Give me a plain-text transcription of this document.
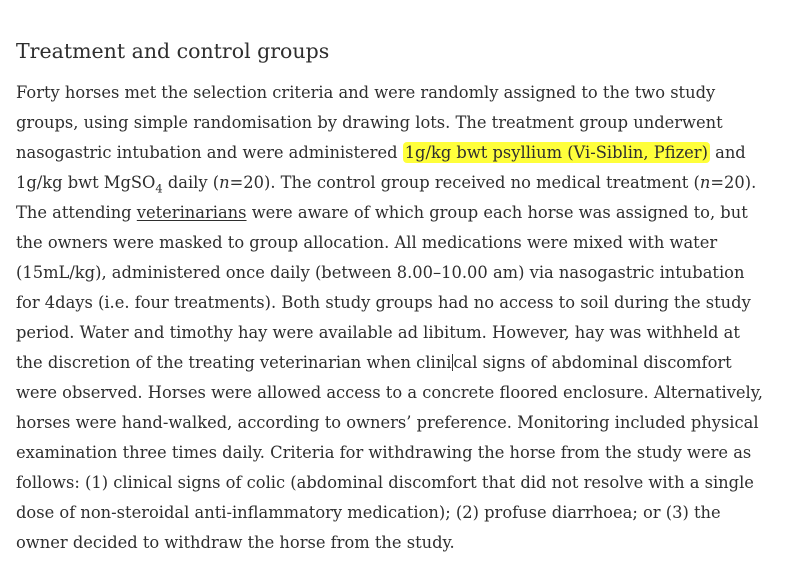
Treatment and control groups

Forty horses met the selection criteria and were randomly assigned to the two study
groups, using simple randomisation by drawing lots. The treatment group underwent
nasogastric intubation and were administered 1g/kg bwt psyllium (Vi-Siblin, Pfizer) and
1g/kg bwt MgSO$_4$ daily (n=20). The control group received no medical treatment (n=20).
The attending veterinarians were aware of which group each horse was assigned to, but
the owners were masked to group allocation. All medications were mixed with water
(15mL/kg), administered once daily (between 8.00–10.00 am) via nasogastric intubation
for 4days (i.e. four treatments). Both study groups had no access to soil during the study
period. Water and timothy hay were available ad libitum. However, hay was withheld at
the discretion of the treating veterinarian when clini cal signs of abdominal discomfort
were observed. Horses were allowed access to a concrete floored enclosure. Alternatively,
horses were hand-walked, according to owners’ preference. Monitoring included physical
examination three times daily. Criteria for withdrawing the horse from the study were as
follows: (1) clinical signs of colic (abdominal discomfort that did not resolve with a single
dose of non-steroidal anti-inflammatory medication); (2) profuse diarrhoea; or (3) the
owner decided to withdraw the horse from the study.
